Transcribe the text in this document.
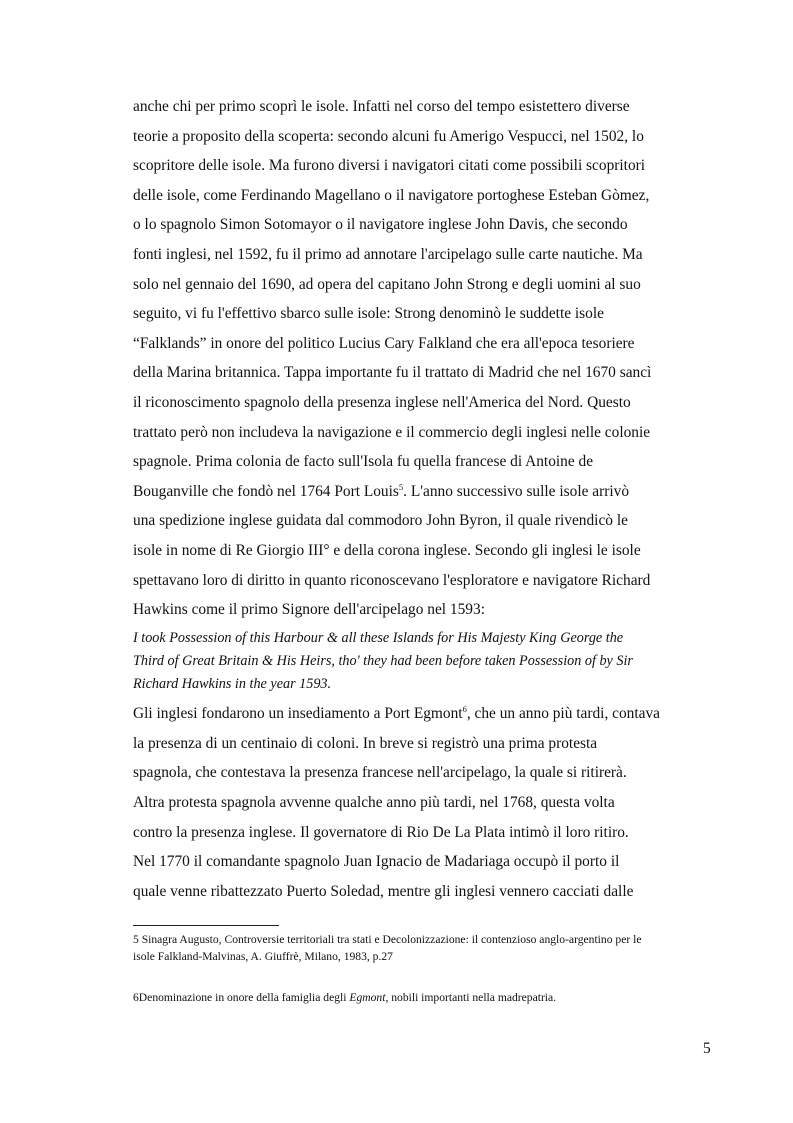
anche chi per primo scoprì le isole. Infatti nel corso del tempo esistettero diverse
teorie a proposito della scoperta: secondo alcuni fu Amerigo Vespucci, nel 1502, lo
scopritore delle isole. Ma furono diversi i navigatori citati come possibili scopritori
delle isole, come Ferdinando Magellano o il navigatore portoghese Esteban Gòmez,
o lo spagnolo Simon Sotomayor o il navigatore inglese John Davis, che secondo
fonti inglesi, nel 1592, fu il primo ad annotare l'arcipelago sulle carte nautiche. Ma
solo nel gennaio del 1690, ad opera del capitano John Strong e degli uomini al suo
seguito, vi fu l'effettivo sbarco sulle isole: Strong denominò le suddette isole
“Falklands” in onore del politico Lucius Cary Falkland che era all'epoca tesoriere
della Marina britannica. Tappa importante fu il trattato di Madrid che nel 1670 sancì
il riconoscimento spagnolo della presenza inglese nell'America del Nord. Questo
trattato però non includeva la navigazione e il commercio degli inglesi nelle colonie
spagnole. Prima colonia de facto sull'Isola fu quella francese di Antoine de
Bouganville che fondò nel 1764 Port Louis$^5$. L'anno successivo sulle isole arrivò
una spedizione inglese guidata dal commodoro John Byron, il quale rivendicò le
isole in nome di Re Giorgio III° e della corona inglese. Secondo gli inglesi le isole
spettavano loro di diritto in quanto riconoscevano l'esploratore e navigatore Richard
Hawkins come il primo Signore dell'arcipelago nel 1593:
I took Possession of this Harbour & all these Islands for His Majesty King George the
Third of Great Britain & His Heirs, tho' they had been before taken Possession of by Sir
Richard Hawkins in the year 1593.
Gli inglesi fondarono un insediamento a Port Egmont$^6$, che un anno più tardi, contava
la presenza di un centinaio di coloni. In breve si registrò una prima protesta
spagnola, che contestava la presenza francese nell'arcipelago, la quale si ritirerà.
Altra protesta spagnola avvenne qualche anno più tardi, nel 1768, questa volta
contro la presenza inglese. Il governatore di Rio De La Plata intimò il loro ritiro.
Nel 1770 il comandante spagnolo Juan Ignacio de Madariaga occupò il porto il
quale venne ribattezzato Puerto Soledad, mentre gli inglesi vennero cacciati dalle
5 Sinagra Augusto, Controversie territoriali tra stati e Decolonizzazione: il contenzioso anglo-argentino per le
isole Falkland-Malvinas, A. Giuffrè, Milano, 1983, p.27
6Denominazione in onore della famiglia degli Egmont, nobili importanti nella madrepatria.
5
